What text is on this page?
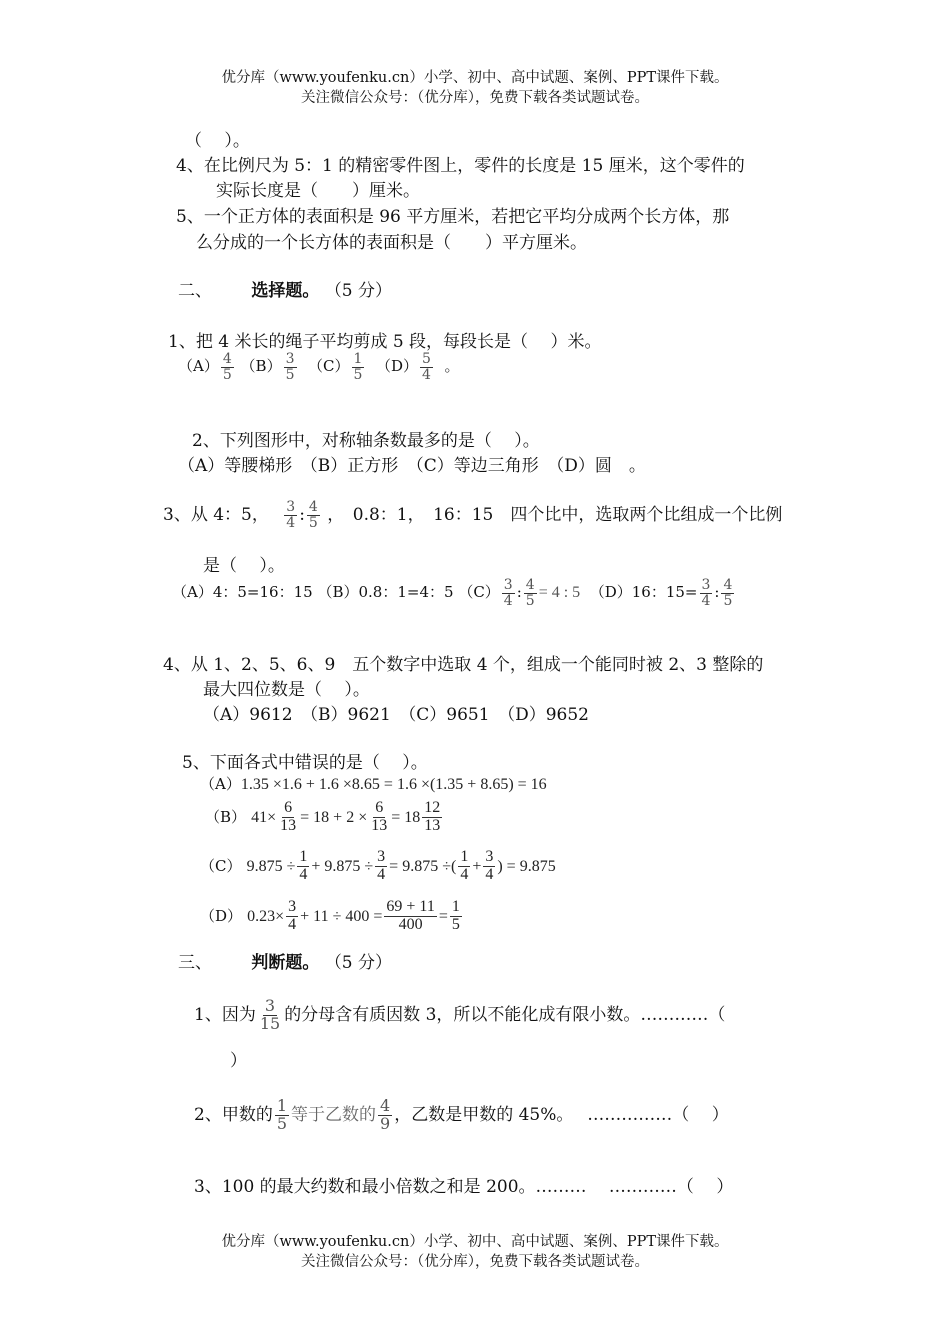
优分库（www.youfenku.cn）小学、初中、高中试题、案例、PPT课件下载。
关注微信公众号：（优分库），免费下载各类试题试卷。
（　 ）。
4、在比例尺为 5：1 的精密零件图上，零件的长度是 15 厘米，这个零件的
实际长度是（　　）厘米。
5、一个正方体的表面积是 96 平方厘米，若把它平均分成两个长方体，那
么分成的一个长方体的表面积是（　　）平方厘米。
二、 选择题。 （5 分）
1、把 4 米长的绳子平均剪成 5 段，每段长是（　 ）米。
$(A) \frac{4}{5} (B) \frac{3}{5} (C) \frac{1}{5} (D) \frac{5}{4}$ 。
2、下列图形中，对称轴条数最多的是（　 ）。
（A）等腰梯形　（B）正方形　（C）等边三角形　（D）圆　。
3、从 4：5， $\frac{3}{4}$ : $\frac{4}{5}$ ，　0.8：1，　16：15　四个比中，选取两个比组成一个比例
是（　 ）。
（A）4：5=16：15 （B）0.8：1=4：5 $(C) \frac{3}{4}$ : $\frac{4}{5} = 4$ : 5 （D）16：$15= \frac{3}{4}$ : $\frac{4}{5}$
4、从 1、2、5、6、9　五个数字中选取 4 个，组成一个能同时被 2、3 整除的
最大四位数是（　 ）。
（A）9612　（B）9621　（C）9651　（D）9652
5、下面各式中错误的是（　 ）。
（A）1.35 ×1.6 + 1.6 ×8.65 = 1.6 ×(1.35 + 8.65) = 16
（B） $41\times \frac{6}{13} = 18 + 2 \times \frac{6}{13} = 18 \frac{12}{13}$
（C） $9.875 \div \frac{1}{4} + 9.875 \div \frac{3}{4} = 9.875$ ÷( $\frac{1}{4} + \frac{3}{4}$ ) = 9.875
（D） $0.23\times \frac{3}{4} + 11 \div 400 = \frac{69 + 11}{400} = \frac{1}{5}$
三、 判断题。 （5 分）
1、因为 $\frac{3}{15}$ 的分母含有质因数 3，所以不能化成有限小数。…………（
）
2、甲数的 $\frac{1}{5}$ 等于乙数的 $\frac{4}{9}$ ，乙数是甲数的 45%。　 ……………（　 ）
3、100 的最大约数和最小倍数之和是 200。………　 …………（　 ）
优分库（www.youfenku.cn）小学、初中、高中试题、案例、PPT课件下载。
关注微信公众号：（优分库），免费下载各类试题试卷。
